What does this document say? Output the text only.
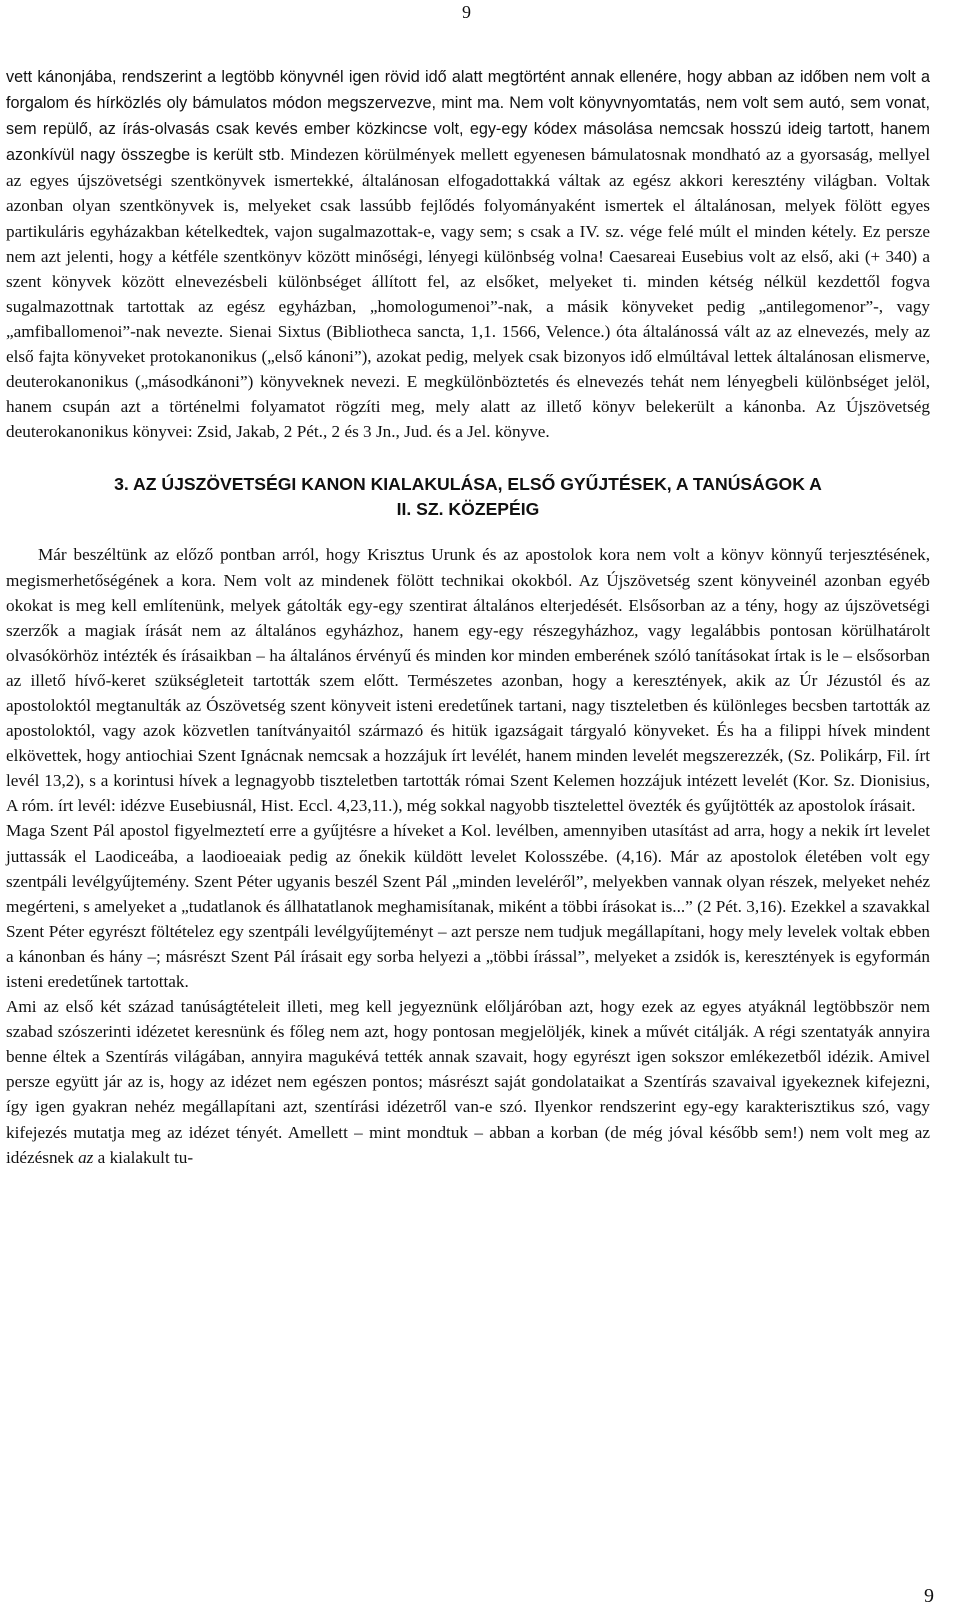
9

vett kánonjába, rendszerint a legtöbb könyvnél igen rövid idő alatt megtörtént annak ellenére, hogy abban az időben nem volt a forgalom és hírközlés oly bámulatos módon megszervezve, mint ma. Nem volt könyvnyomtatás, nem volt sem autó, sem vonat, sem repülő, az írás-olvasás csak kevés ember közkincse volt, egy-egy kódex másolása nemcsak hosszú ideig tartott, hanem azonkívül nagy összegbe is került stb. Mindezen körülmények mellett egyenesen bámulatosnak mondható az a gyorsaság, mellyel az egyes újszövetségi szentkönyvek ismertekké, általánosan elfogadottakká váltak az egész akkori keresztény világban. Voltak azonban olyan szentkönyvek is, melyeket csak lassúbb fejlődés folyományaként ismertek el általánosan, melyek fölött egyes partikuláris egyházakban kételkedtek, vajon sugalmazottak-e, vagy sem; s csak a IV. sz. vége felé múlt el minden kétely. Ez persze nem azt jelenti, hogy a kétféle szentkönyv között minőségi, lényegi különbség volna! Caesareai Eusebius volt az első, aki (+ 340) a szent könyvek között elnevezésbeli különbséget állított fel, az elsőket, melyeket ti. minden kétség nélkül kezdettől fogva sugalmazottnak tartottak az egész egyházban, „homologumenoi”-nak, a másik könyveket pedig „antilegomenor”-, vagy „amfiballomenoi”-nak nevezte. Sienai Sixtus (Bibliotheca sancta, 1,1. 1566, Velence.) óta általánossá vált az az elnevezés, mely az első fajta könyveket protokanonikus („első kánoni”), azokat pedig, melyek csak bizonyos idő elmúltával lettek általánosan elismerve, deuterokanonikus („másodkánoni”) könyveknek nevezi. E megkülönböztetés és elnevezés tehát nem lényegbeli különbséget jelöl, hanem csupán azt a történelmi folyamatot rögzíti meg, mely alatt az illető könyv belekerült a kánonba. Az Újszövetség deuterokanonikus könyvei: Zsid, Jakab, 2 Pét., 2 és 3 Jn., Jud. és a Jel. könyve.

3. AZ ÚJSZÖVETSÉGI KANON KIALAKULÁSA, ELSŐ GYŰJTÉSEK, A TANÚSÁGOK A
II. SZ. KÖZEPÉIG

Már beszéltünk az előző pontban arról, hogy Krisztus Urunk és az apostolok kora nem volt a könyv könnyű terjesztésének, megismerhetőségének a kora. Nem volt az mindenek fölött technikai okokból. Az Újszövetség szent könyveinél azonban egyéb okokat is meg kell említenünk, melyek gátolták egy-egy szentirat általános elterjedését. Elsősorban az a tény, hogy az újszövetségi szerzők a magiak írását nem az általános egyházhoz, hanem egy-egy részegyházhoz, vagy legalábbis pontosan körülhatárolt olvasókörhöz intézték és írásaikban – ha általános érvényű és minden kor minden emberének szóló tanításokat írtak is le – elsősorban az illető hívő-keret szükségleteit tartották szem előtt. Természetes azonban, hogy a keresztények, akik az Úr Jézustól és az apostoloktól megtanulták az Ószövetség szent könyveit isteni eredetűnek tartani, nagy tiszteletben és különleges becsben tartották az apostoloktól, vagy azok közvetlen tanítványaitól származó és hitük igazságait tárgyaló könyveket. És ha a filippi hívek mindent elkövettek, hogy antiochiai Szent Ignácnak nemcsak a hozzájuk írt levélét, hanem minden levelét megszerezzék, (Sz. Polikárp, Fil. írt levél 13,2), s a korintusi hívek a legnagyobb tiszteletben tartották római Szent Kelemen hozzájuk intézett levelét (Kor. Sz. Dionisius, A róm. írt levél: idézve Eusebiusnál, Hist. Eccl. 4,23,11.), még sokkal nagyobb tisztelettel övezték és gyűjtötték az apostolok írásait.

Maga Szent Pál apostol figyelmeztetí erre a gyűjtésre a híveket a Kol. levélben, amennyiben utasítást ad arra, hogy a nekik írt levelet juttassák el Laodiceába, a laodioeaiak pedig az őnekik küldött levelet Kolosszébe. (4,16). Már az apostolok életében volt egy szentpáli levélgyűjtemény. Szent Péter ugyanis beszél Szent Pál „minden leveléről”, melyekben vannak olyan részek, melyeket nehéz megérteni, s amelyeket a „tudatlanok és állhatatlanok meghamisítanak, miként a többi írásokat is...” (2 Pét. 3,16). Ezekkel a szavakkal Szent Péter egyrészt föltételez egy szentpáli levélgyűjteményt – azt persze nem tudjuk megállapítani, hogy mely levelek voltak ebben a kánonban és hány –; másrészt Szent Pál írásait egy sorba helyezi a „többi írással”, melyeket a zsidók is, keresztények is egyformán isteni eredetűnek tartottak.

Ami az első két század tanúságtételeit illeti, meg kell jegyeznünk előljáróban azt, hogy ezek az egyes atyáknál legtöbbször nem szabad szószerinti idézetet keresnünk és főleg nem azt, hogy pontosan megjelöljék, kinek a művét citálják. A régi szentatyák annyira benne éltek a Szentírás világában, annyira magukévá tették annak szavait, hogy egyrészt igen sokszor emlékezetből idézik. Amivel persze együtt jár az is, hogy az idézet nem egészen pontos; másrészt saját gondolataikat a Szentírás szavaival igyekeznek kifejezni, így igen gyakran nehéz megállapítani azt, szentírási idézetről van-e szó. Ilyenkor rendszerint egy-egy karakterisztikus szó, vagy kifejezés mutatja meg az idézet tényét. Amellett – mint mondtuk – abban a korban (de még jóval később sem!) nem volt meg az idézésnek az a kialakult tu-

9
